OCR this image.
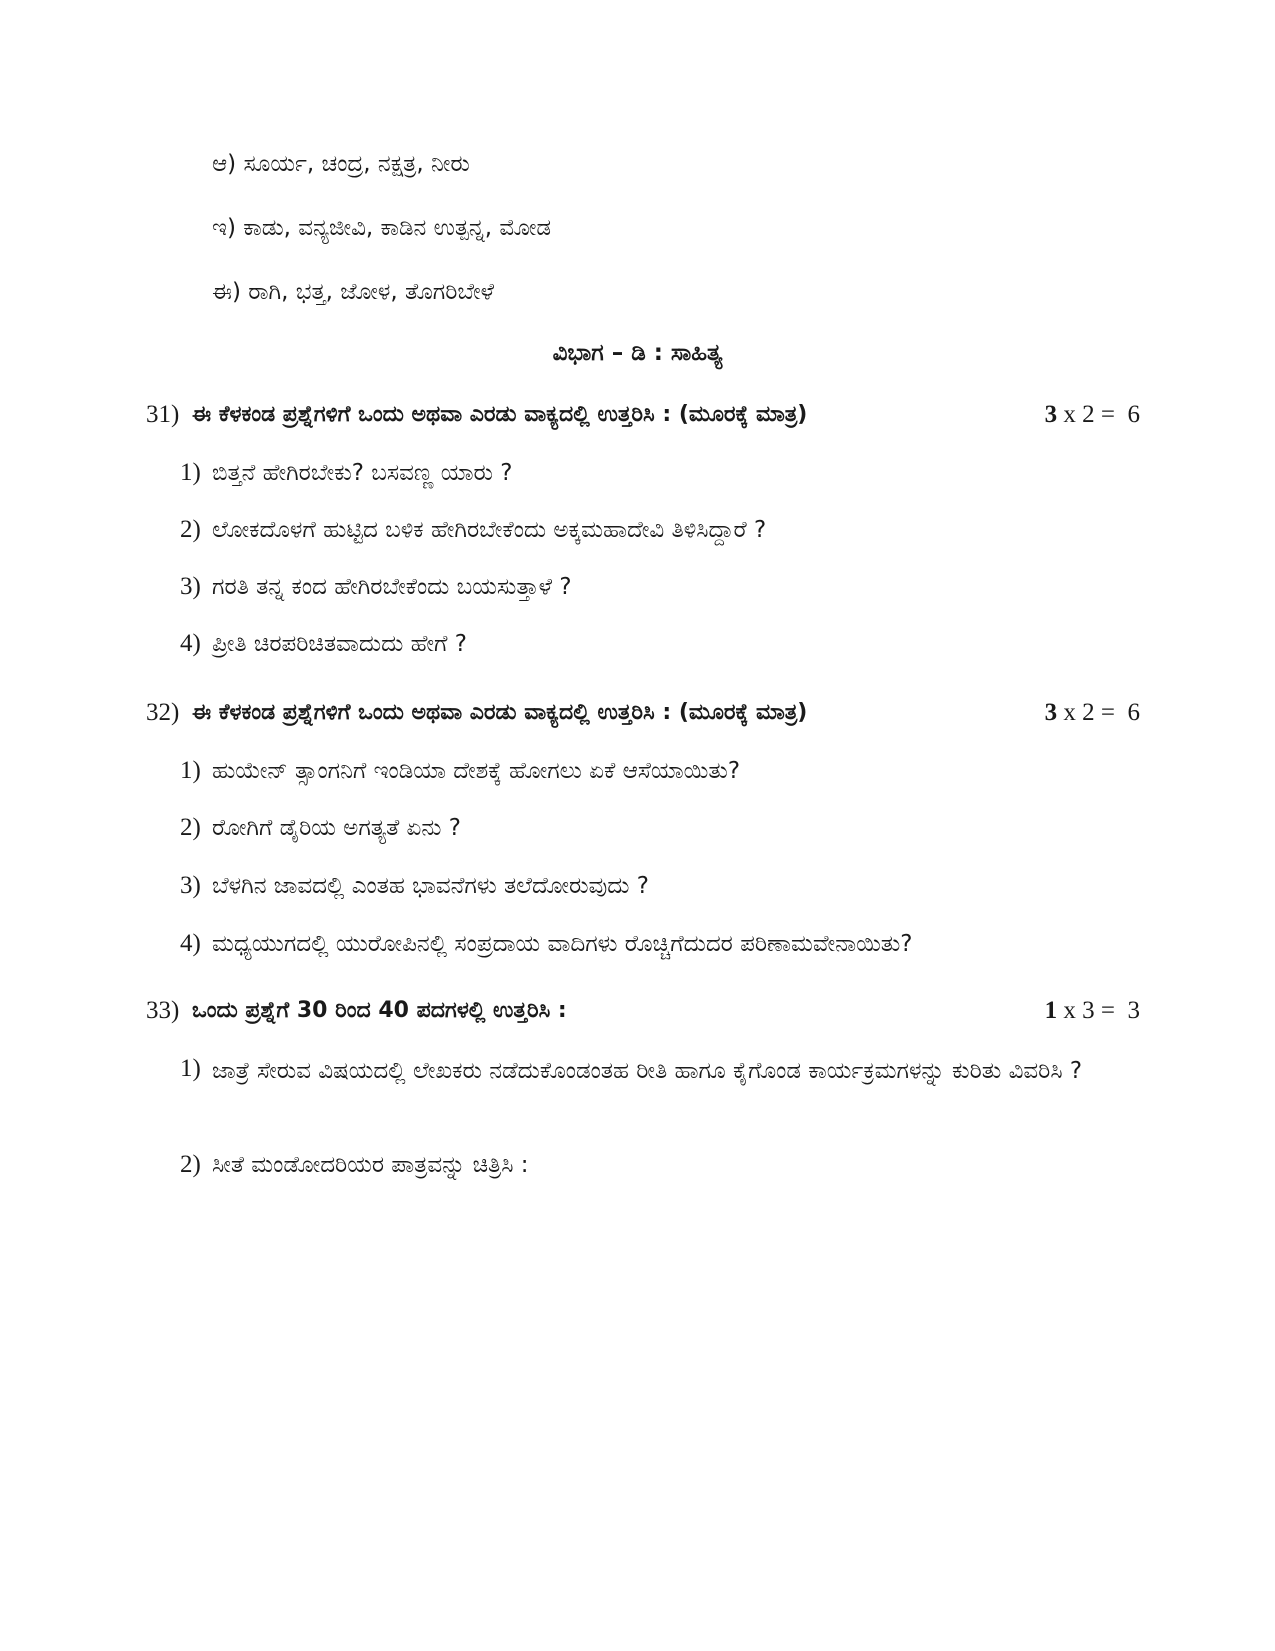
ಆ) ಸೂರ್ಯ, ಚಂದ್ರ, ನಕ್ಷತ್ರ, ನೀರು
ಇ) ಕಾಡು, ವನ್ಯಜೀವಿ, ಕಾಡಿನ ಉತ್ಪನ್ನ, ಮೋಡ
ಈ) ರಾಗಿ, ಭತ್ತ, ಜೋಳ, ತೊಗರಿಬೇಳೆ
ವಿಭಾಗ – ಡಿ : ಸಾಹಿತ್ಯ
31) ಈ ಕೆಳಕಂಡ ಪ್ರಶ್ನೆಗಳಿಗೆ ಒಂದು ಅಥವಾ ಎರಡು ವಾಕ್ಯದಲ್ಲಿ ಉತ್ತರಿಸಿ : (ಮೂರಕ್ಕೆ ಮಾತ್ರ)	3 x 2 =  6
1) ಬಿತ್ತನೆ ಹೇಗಿರಬೇಕು? ಬಸವಣ್ಣ ಯಾರು ?
2) ಲೋಕದೊಳಗೆ ಹುಟ್ಟಿದ ಬಳಿಕ ಹೇಗಿರಬೇಕೆಂದು ಅಕ್ಕಮಹಾದೇವಿ ತಿಳಿಸಿದ್ದಾರೆ ?
3) ಗರತಿ ತನ್ನ ಕಂದ ಹೇಗಿರಬೇಕೆಂದು ಬಯಸುತ್ತಾಳೆ ?
4) ಪ್ರೀತಿ ಚಿರಪರಿಚಿತವಾದುದು ಹೇಗೆ ?
32) ಈ ಕೆಳಕಂಡ ಪ್ರಶ್ನೆಗಳಿಗೆ ಒಂದು ಅಥವಾ ಎರಡು ವಾಕ್ಯದಲ್ಲಿ ಉತ್ತರಿಸಿ : (ಮೂರಕ್ಕೆ ಮಾತ್ರ)	3 x 2 =  6
1) ಹುಯೇನ್ ತ್ಸಾಂಗನಿಗೆ ಇಂಡಿಯಾ ದೇಶಕ್ಕೆ ಹೋಗಲು ಏಕೆ ಆಸೆಯಾಯಿತು?
2) ರೋಗಿಗೆ ಡೈರಿಯ ಅಗತ್ಯತೆ ಏನು ?
3) ಬೆಳಗಿನ ಜಾವದಲ್ಲಿ ಎಂತಹ ಭಾವನೆಗಳು ತಲೆದೋರುವುದು ?
4) ಮಧ್ಯಯುಗದಲ್ಲಿ ಯುರೋಪಿನಲ್ಲಿ ಸಂಪ್ರದಾಯ ವಾದಿಗಳು ರೊಚ್ಚಿಗೆದುದರ ಪರಿಣಾಮವೇನಾಯಿತು?
33) ಒಂದು ಪ್ರಶ್ನೆಗೆ 30 ರಿಂದ 40 ಪದಗಳಲ್ಲಿ ಉತ್ತರಿಸಿ :	1 x 3 =  3
1) ಜಾತ್ರೆ ಸೇರುವ ವಿಷಯದಲ್ಲಿ ಲೇಖಕರು ನಡೆದುಕೊಂಡಂತಹ ರೀತಿ ಹಾಗೂ ಕೈಗೊಂಡ ಕಾರ್ಯಕ್ರಮಗಳನ್ನು ಕುರಿತು ವಿವರಿಸಿ ?
2) ಸೀತೆ ಮಂಡೋದರಿಯರ ಪಾತ್ರವನ್ನು ಚಿತ್ರಿಸಿ :
